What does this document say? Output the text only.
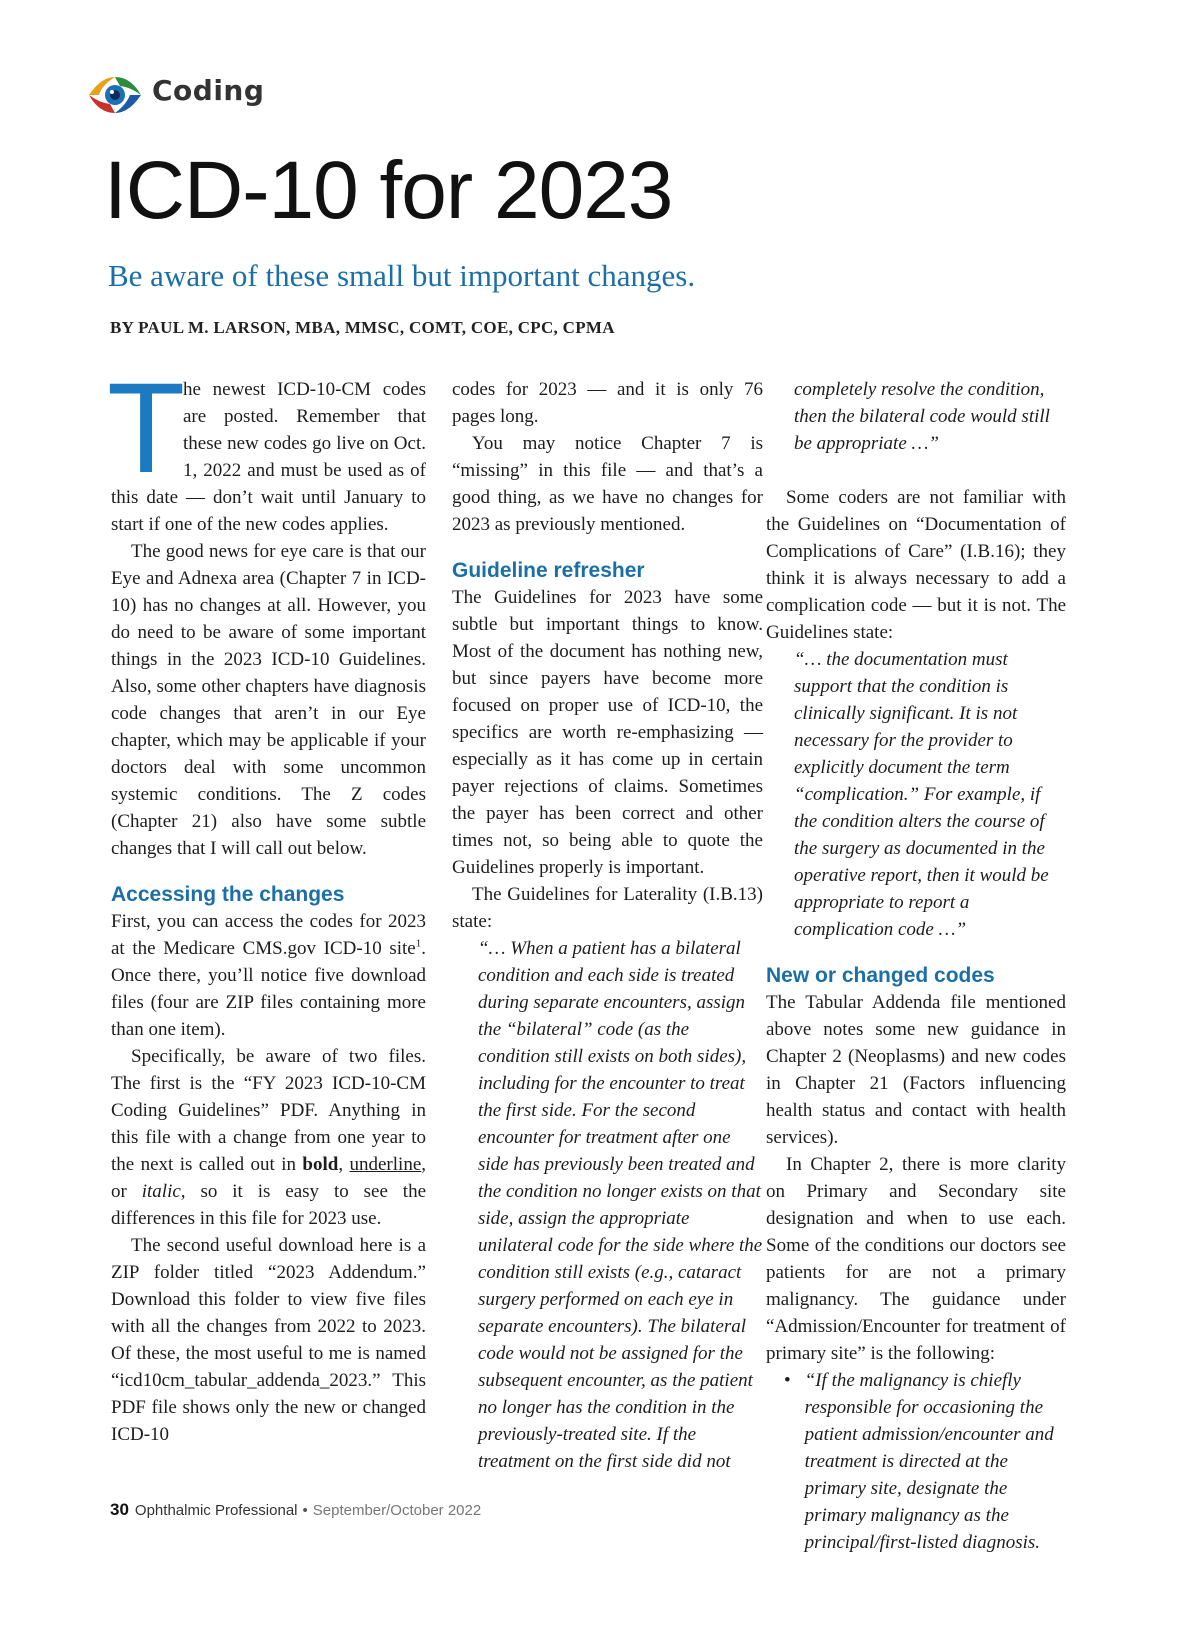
Coding
ICD-10 for 2023
Be aware of these small but important changes.
BY PAUL M. LARSON, MBA, MMSC, COMT, COE, CPC, CPMA

T
he newest ICD-10-CM codes are posted. Remember that these new codes go live on Oct. 1, 2022 and must be used as of this date — don’t wait until January to start if one of the new codes applies.

The good news for eye care is that our Eye and Adnexa area (Chapter 7 in ICD-10) has no changes at all. However, you do need to be aware of some important things in the 2023 ICD-10 Guidelines. Also, some other chapters have diagnosis code changes that aren’t in our Eye chapter, which may be applicable if your doctors deal with some uncommon systemic conditions. The Z codes (Chapter 21) also have some subtle changes that I will call out below.

Accessing the changes

First, you can access the codes for 2023 at the Medicare CMS.gov ICD-10 site$^1$. Once there, you’ll notice five download files (four are ZIP files containing more than one item).

Specifically, be aware of two files. The first is the “FY 2023 ICD-10-CM Coding Guidelines” PDF. Anything in this file with a change from one year to the next is called out in bold, underline, or italic, so it is easy to see the differences in this file for 2023 use.

The second useful download here is a ZIP folder titled “2023 Addendum.” Download this folder to view five files with all the changes from 2022 to 2023. Of these, the most useful to me is named “icd10cm_tabular_addenda_2023.” This PDF file shows only the new or changed ICD-10

codes for 2023 — and it is only 76 pages long.

You may notice Chapter 7 is “missing” in this file — and that’s a good thing, as we have no changes for 2023 as previously mentioned.

Guideline refresher

The Guidelines for 2023 have some subtle but important things to know. Most of the document has nothing new, but since payers have become more focused on proper use of ICD-10, the specifics are worth re-emphasizing — especially as it has come up in certain payer rejections of claims. Sometimes the payer has been correct and other times not, so being able to quote the Guidelines properly is important.

The Guidelines for Laterality (I.B.13) state:

“… When a patient has a bilateral condition and each side is treated during separate encounters, assign the “bilateral” code (as the condition still exists on both sides), including for the encounter to treat the first side. For the second encounter for treatment after one side has previously been treated and the condition no longer exists on that side, assign the appropriate unilateral code for the side where the condition still exists (e.g., cataract surgery performed on each eye in separate encounters). The bilateral code would not be assigned for the subsequent encounter, as the patient no longer has the condition in the previously-treated site. If the treatment on the first side did not

completely resolve the condition, then the bilateral code would still be appropriate …”

Some coders are not familiar with the Guidelines on “Documentation of Complications of Care” (I.B.16); they think it is always necessary to add a complication code — but it is not. The Guidelines state:

“… the documentation must support that the condition is clinically significant. It is not necessary for the provider to explicitly document the term “complication.” For example, if the condition alters the course of the surgery as documented in the operative report, then it would be appropriate to report a complication code …”

New or changed codes

The Tabular Addenda file mentioned above notes some new guidance in Chapter 2 (Neoplasms) and new codes in Chapter 21 (Factors influencing health status and contact with health services).

In Chapter 2, there is more clarity on Primary and Secondary site designation and when to use each. Some of the conditions our doctors see patients for are not a primary malignancy. The guidance under “Admission/Encounter for treatment of primary site” is the following:

• “If the malignancy is chiefly responsible for occasioning the patient admission/encounter and treatment is directed at the primary site, designate the primary malignancy as the principal/first-listed diagnosis.
30 Ophthalmic Professional • September/October 2022
